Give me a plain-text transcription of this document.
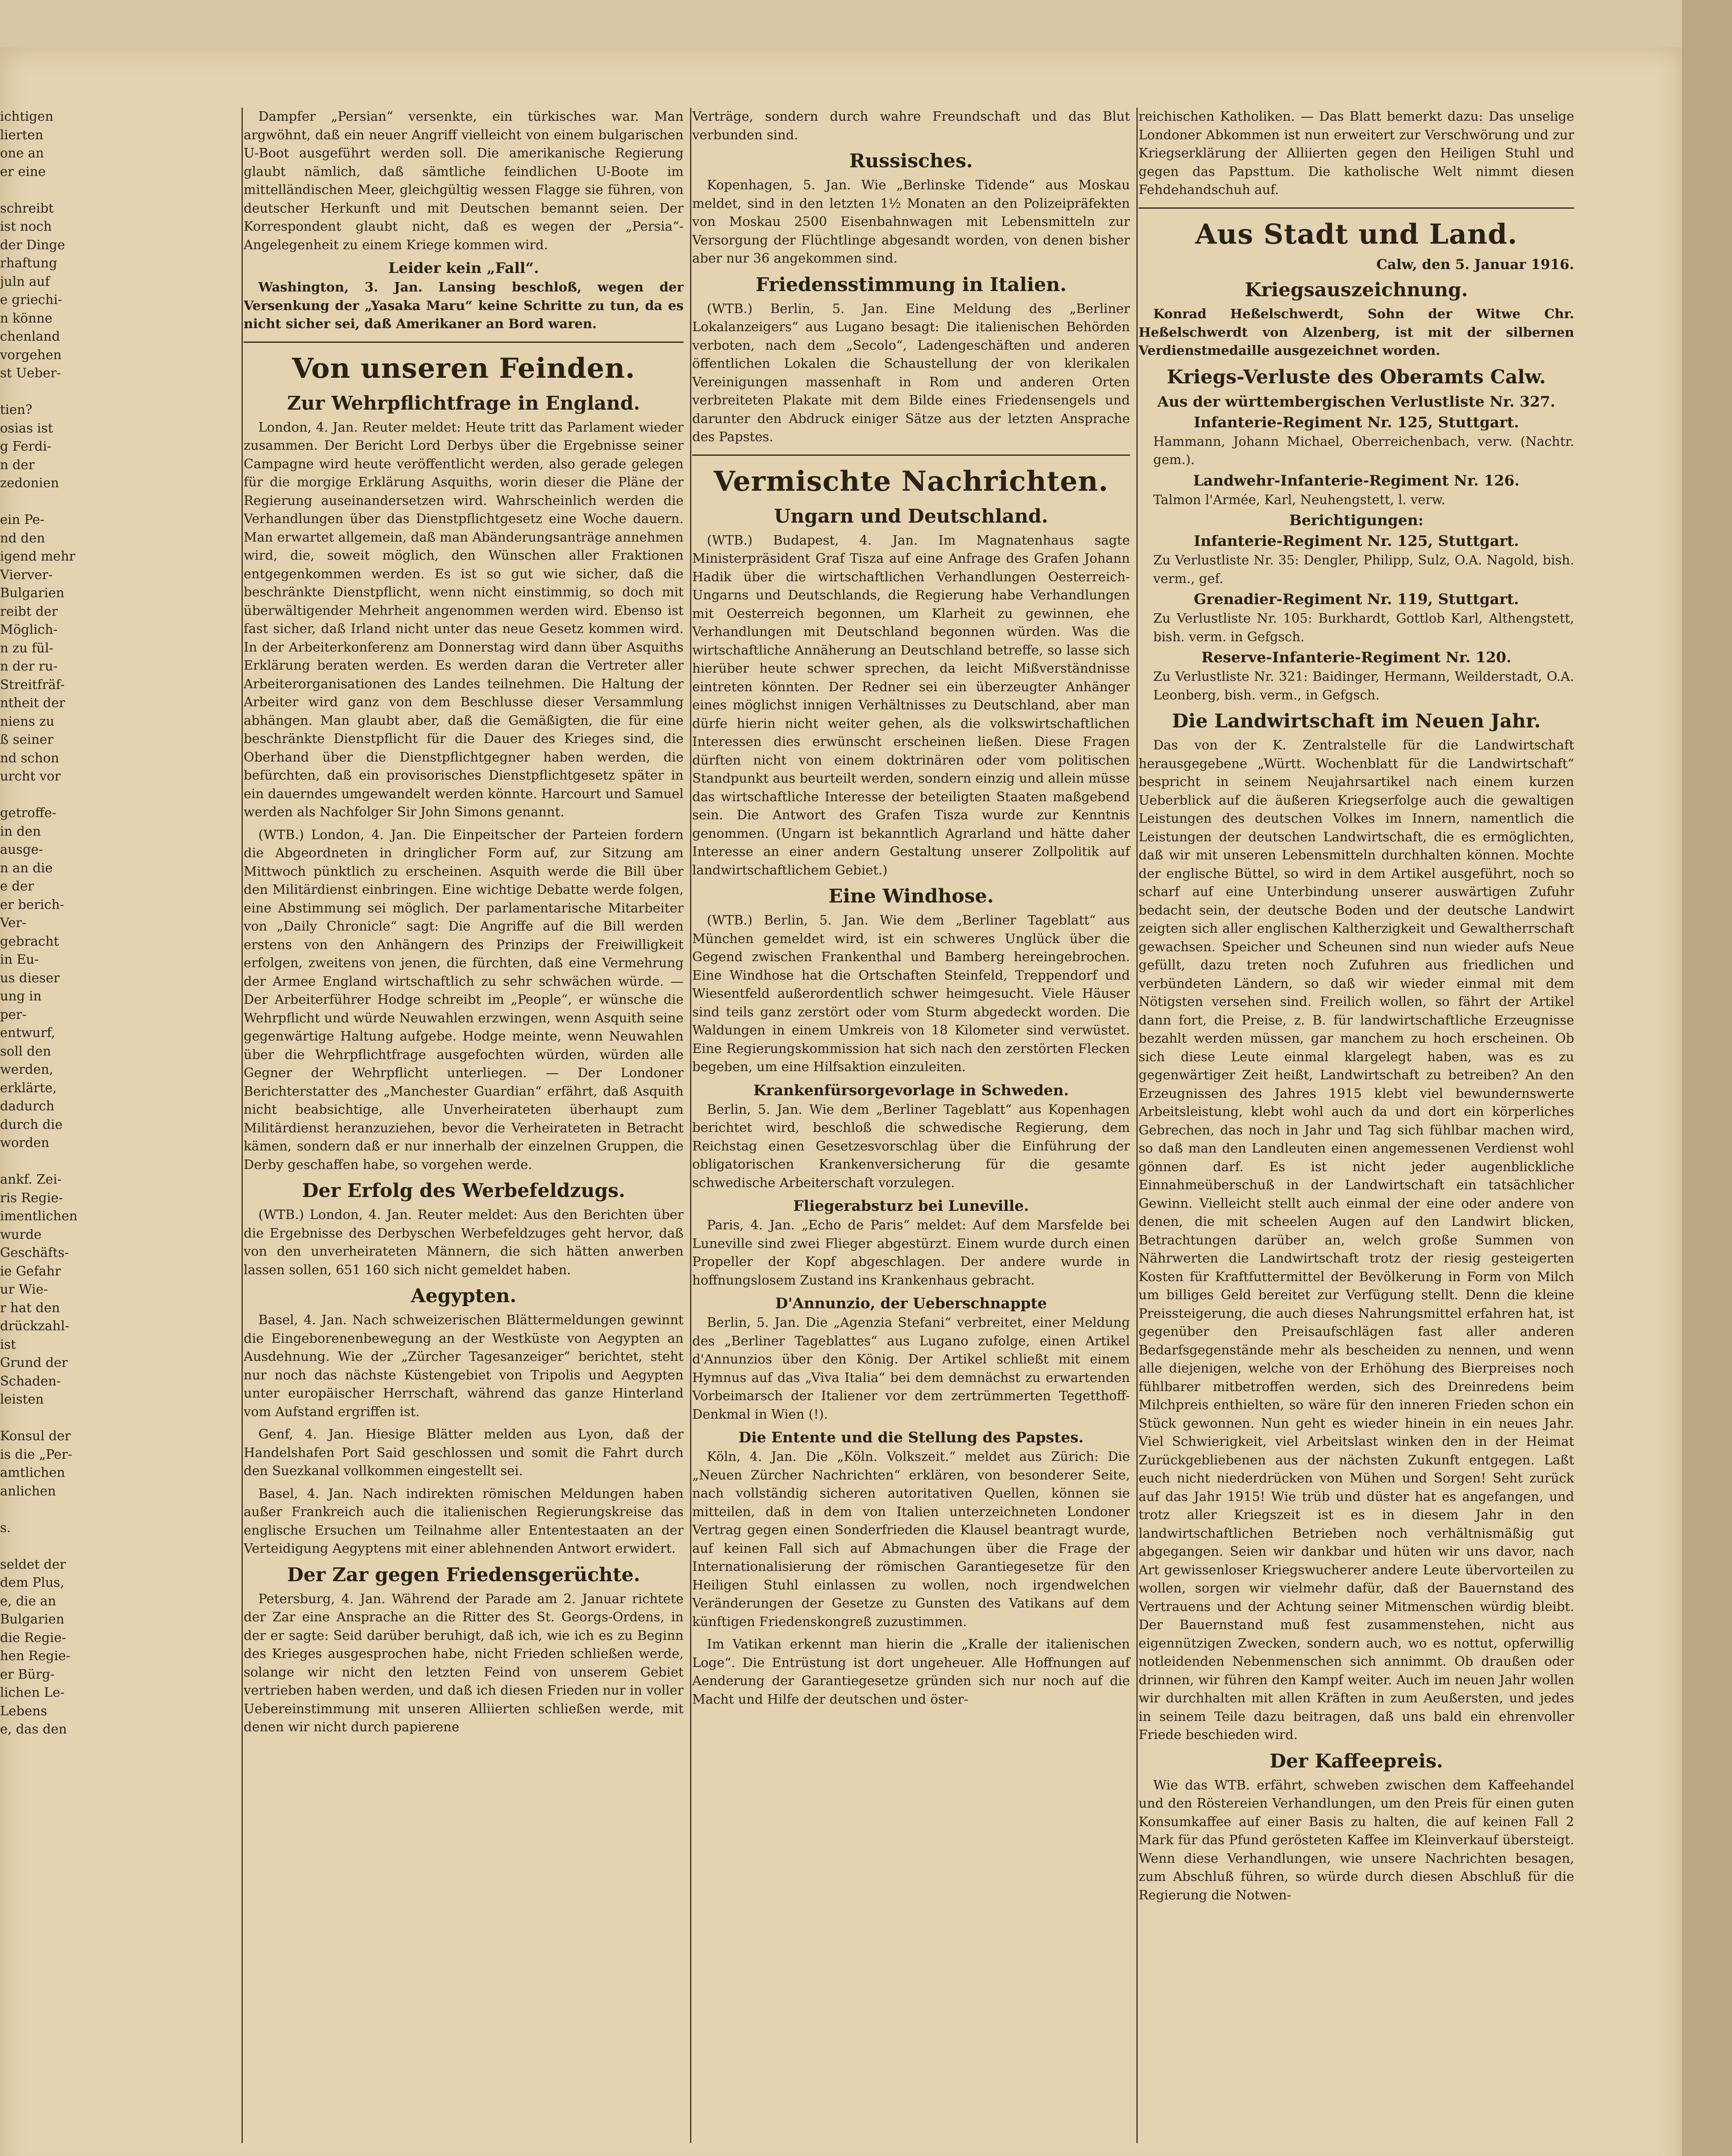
ichtigen
lierten
one an
er eine
schreibt
ist noch
der Dinge
rhaftung
juln auf
e griechi-
n könne
chenland
vorgehen
st Ueber-
tien?
osias ist
g Ferdi-
n der
zedonien
ein Pe-
nd den
igend mehr
Vierver-
Bulgarien
reibt der
Möglich-
n zu fül-
n der ru-
Streitfräf-
ntheit der
niens zu
ß seiner
nd schon
urcht vor
getroffe-
in den
ausge-
n an die
e der
er berich-
Ver-
gebracht
in Eu-
us dieser
ung in
per-
entwurf,
soll den
werden,
erklärte,
dadurch
durch die
worden
ankf. Zei-
ris Regie-
imentlichen
wurde
Geschäfts-
ie Gefahr
ur Wie-
r hat den
drückzahl-
ist
Grund der
Schaden-
leisten
Konsul der
is die „Per-
amtlichen
anlichen
s.
seldet der
dem Plus,
e, die an
Bulgarien
die Regie-
hen Regie-
er Bürg-
lichen Le-
Lebens
e, das den

Dampfer „Persian“ versenkte, ein türkisches war. Man argwöhnt, daß ein neuer Angriff vielleicht von einem bulgarischen U-Boot ausgeführt werden soll. Die amerikanische Regierung glaubt nämlich, daß sämtliche feindlichen U-Boote im mittelländischen Meer, gleichgültig wessen Flagge sie führen, von deutscher Herkunft und mit Deutschen bemannt seien. Der Korrespondent glaubt nicht, daß es wegen der „Persia“-Angelegenheit zu einem Kriege kommen wird.

Leider kein „Fall“.

Washington, 3. Jan. Lansing beschloß, wegen der Versenkung der „Yasaka Maru“ keine Schritte zu tun, da es nicht sicher sei, daß Amerikaner an Bord waren.

Von unseren Feinden.
Zur Wehrpflichtfrage in England.

London, 4. Jan. Reuter meldet: Heute tritt das Parlament wieder zusammen. Der Bericht Lord Derbys über die Ergebnisse seiner Campagne wird heute veröffentlicht werden, also gerade gelegen für die morgige Erklärung Asquiths, worin dieser die Pläne der Regierung auseinandersetzen wird. Wahrscheinlich werden die Verhandlungen über das Dienstpflichtgesetz eine Woche dauern. Man erwartet allgemein, daß man Abänderungsanträge annehmen wird, die, soweit möglich, den Wünschen aller Fraktionen entgegenkommen werden. Es ist so gut wie sicher, daß die beschränkte Dienstpflicht, wenn nicht einstimmig, so doch mit überwältigender Mehrheit angenommen werden wird. Ebenso ist fast sicher, daß Irland nicht unter das neue Gesetz kommen wird. In der Arbeiterkonferenz am Donnerstag wird dann über Asquiths Erklärung beraten werden. Es werden daran die Vertreter aller Arbeiterorganisationen des Landes teilnehmen. Die Haltung der Arbeiter wird ganz von dem Beschlusse dieser Versammlung abhängen. Man glaubt aber, daß die Gemäßigten, die für eine beschränkte Dienstpflicht für die Dauer des Krieges sind, die Oberhand über die Dienstpflichtgegner haben werden, die befürchten, daß ein provisorisches Dienstpflichtgesetz später in ein dauerndes umgewandelt werden könnte. Harcourt und Samuel werden als Nachfolger Sir John Simons genannt.

(WTB.) London, 4. Jan. Die Einpeitscher der Parteien fordern die Abgeordneten in dringlicher Form auf, zur Sitzung am Mittwoch pünktlich zu erscheinen. Asquith werde die Bill über den Militärdienst einbringen. Eine wichtige Debatte werde folgen, eine Abstimmung sei möglich. Der parlamentarische Mitarbeiter von „Daily Chronicle“ sagt: Die Angriffe auf die Bill werden erstens von den Anhängern des Prinzips der Freiwilligkeit erfolgen, zweitens von jenen, die fürchten, daß eine Vermehrung der Armee England wirtschaftlich zu sehr schwächen würde. — Der Arbeiterführer Hodge schreibt im „People“, er wünsche die Wehrpflicht und würde Neuwahlen erzwingen, wenn Asquith seine gegenwärtige Haltung aufgebe. Hodge meinte, wenn Neuwahlen über die Wehrpflichtfrage ausgefochten würden, würden alle Gegner der Wehrpflicht unterliegen. — Der Londoner Berichterstatter des „Manchester Guardian“ erfährt, daß Asquith nicht beabsichtige, alle Unverheirateten überhaupt zum Militärdienst heranzuziehen, bevor die Verheirateten in Betracht kämen, sondern daß er nur innerhalb der einzelnen Gruppen, die Derby geschaffen habe, so vorgehen werde.

Der Erfolg des Werbefeldzugs.

(WTB.) London, 4. Jan. Reuter meldet: Aus den Berichten über die Ergebnisse des Derbyschen Werbefeldzuges geht hervor, daß von den unverheirateten Männern, die sich hätten anwerben lassen sollen, 651 160 sich nicht gemeldet haben.

Aegypten.

Basel, 4. Jan. Nach schweizerischen Blättermeldungen gewinnt die Eingeborenenbewegung an der Westküste von Aegypten an Ausdehnung. Wie der „Zürcher Tagesanzeiger“ berichtet, steht nur noch das nächste Küstengebiet von Tripolis und Aegypten unter europäischer Herrschaft, während das ganze Hinterland vom Aufstand ergriffen ist.

Genf, 4. Jan. Hiesige Blätter melden aus Lyon, daß der Handelshafen Port Said geschlossen und somit die Fahrt durch den Suezkanal vollkommen eingestellt sei.

Basel, 4. Jan. Nach indirekten römischen Meldungen haben außer Frankreich auch die italienischen Regierungskreise das englische Ersuchen um Teilnahme aller Ententestaaten an der Verteidigung Aegyptens mit einer ablehnenden Antwort erwidert.

Der Zar gegen Friedensgerüchte.

Petersburg, 4. Jan. Während der Parade am 2. Januar richtete der Zar eine Ansprache an die Ritter des St. Georgs-Ordens, in der er sagte: Seid darüber beruhigt, daß ich, wie ich es zu Beginn des Krieges ausgesprochen habe, nicht Frieden schließen werde, solange wir nicht den letzten Feind von unserem Gebiet vertrieben haben werden, und daß ich diesen Frieden nur in voller Uebereinstimmung mit unseren Alliierten schließen werde, mit denen wir nicht durch papierene

Verträge, sondern durch wahre Freundschaft und das Blut verbunden sind.

Russisches.

Kopenhagen, 5. Jan. Wie „Berlinske Tidende“ aus Moskau meldet, sind in den letzten 1½ Monaten an den Polizeipräfekten von Moskau 2500 Eisenbahnwagen mit Lebensmitteln zur Versorgung der Flüchtlinge abgesandt worden, von denen bisher aber nur 36 angekommen sind.

Friedensstimmung in Italien.

(WTB.) Berlin, 5. Jan. Eine Meldung des „Berliner Lokalanzeigers“ aus Lugano besagt: Die italienischen Behörden verboten, nach dem „Secolo“, Ladengeschäften und anderen öffentlichen Lokalen die Schaustellung der von klerikalen Vereinigungen massenhaft in Rom und anderen Orten verbreiteten Plakate mit dem Bilde eines Friedensengels und darunter den Abdruck einiger Sätze aus der letzten Ansprache des Papstes.

Vermischte Nachrichten.
Ungarn und Deutschland.

(WTB.) Budapest, 4. Jan. Im Magnatenhaus sagte Ministerpräsident Graf Tisza auf eine Anfrage des Grafen Johann Hadik über die wirtschaftlichen Verhandlungen Oesterreich-Ungarns und Deutschlands, die Regierung habe Verhandlungen mit Oesterreich begonnen, um Klarheit zu gewinnen, ehe Verhandlungen mit Deutschland begonnen würden. Was die wirtschaftliche Annäherung an Deutschland betreffe, so lasse sich hierüber heute schwer sprechen, da leicht Mißverständnisse eintreten könnten. Der Redner sei ein überzeugter Anhänger eines möglichst innigen Verhältnisses zu Deutschland, aber man dürfe hierin nicht weiter gehen, als die volkswirtschaftlichen Interessen dies erwünscht erscheinen ließen. Diese Fragen dürften nicht von einem doktrinären oder vom politischen Standpunkt aus beurteilt werden, sondern einzig und allein müsse das wirtschaftliche Interesse der beteiligten Staaten maßgebend sein. Die Antwort des Grafen Tisza wurde zur Kenntnis genommen. (Ungarn ist bekanntlich Agrarland und hätte daher Interesse an einer andern Gestaltung unserer Zollpolitik auf landwirtschaftlichem Gebiet.)

Eine Windhose.

(WTB.) Berlin, 5. Jan. Wie dem „Berliner Tageblatt“ aus München gemeldet wird, ist ein schweres Unglück über die Gegend zwischen Frankenthal und Bamberg hereingebrochen. Eine Windhose hat die Ortschaften Steinfeld, Treppendorf und Wiesentfeld außerordentlich schwer heimgesucht. Viele Häuser sind teils ganz zerstört oder vom Sturm abgedeckt worden. Die Waldungen in einem Umkreis von 18 Kilometer sind verwüstet. Eine Regierungskommission hat sich nach den zerstörten Flecken begeben, um eine Hilfsaktion einzuleiten.

Krankenfürsorgevorlage in Schweden.

Berlin, 5. Jan. Wie dem „Berliner Tageblatt“ aus Kopenhagen berichtet wird, beschloß die schwedische Regierung, dem Reichstag einen Gesetzesvorschlag über die Einführung der obligatorischen Krankenversicherung für die gesamte schwedische Arbeiterschaft vorzulegen.

Fliegerabsturz bei Luneville.

Paris, 4. Jan. „Echo de Paris“ meldet: Auf dem Marsfelde bei Luneville sind zwei Flieger abgestürzt. Einem wurde durch einen Propeller der Kopf abgeschlagen. Der andere wurde in hoffnungslosem Zustand ins Krankenhaus gebracht.

D'Annunzio, der Ueberschnappte

Berlin, 5. Jan. Die „Agenzia Stefani“ verbreitet, einer Meldung des „Berliner Tageblattes“ aus Lugano zufolge, einen Artikel d'Annunzios über den König. Der Artikel schließt mit einem Hymnus auf das „Viva Italia“ bei dem demnächst zu erwartenden Vorbeimarsch der Italiener vor dem zertrümmerten Tegetthoff-Denkmal in Wien (!).

Die Entente und die Stellung des Papstes.

Köln, 4. Jan. Die „Köln. Volkszeit.“ meldet aus Zürich: Die „Neuen Zürcher Nachrichten“ erklären, von besonderer Seite, nach vollständig sicheren autoritativen Quellen, können sie mitteilen, daß in dem von Italien unterzeichneten Londoner Vertrag gegen einen Sonderfrieden die Klausel beantragt wurde, auf keinen Fall sich auf Abmachungen über die Frage der Internationalisierung der römischen Garantiegesetze für den Heiligen Stuhl einlassen zu wollen, noch irgendwelchen Veränderungen der Gesetze zu Gunsten des Vatikans auf dem künftigen Friedenskongreß zuzustimmen.

Im Vatikan erkennt man hierin die „Kralle der italienischen Loge“. Die Entrüstung ist dort ungeheuer. Alle Hoffnungen auf Aenderung der Garantiegesetze gründen sich nur noch auf die Macht und Hilfe der deutschen und öster-

reichischen Katholiken. — Das Blatt bemerkt dazu: Das unselige Londoner Abkommen ist nun erweitert zur Verschwörung und zur Kriegserklärung der Alliierten gegen den Heiligen Stuhl und gegen das Papsttum. Die katholische Welt nimmt diesen Fehdehandschuh auf.

Aus Stadt und Land.
Calw, den 5. Januar 1916.
Kriegsauszeichnung.

Konrad Heßelschwerdt, Sohn der Witwe Chr. Heßelschwerdt von Alzenberg, ist mit der silbernen Verdienstmedaille ausgezeichnet worden.

Kriegs-Verluste des Oberamts Calw.
Aus der württembergischen Verlustliste Nr. 327.
Infanterie-Regiment Nr. 125, Stuttgart.

Hammann, Johann Michael, Oberreichenbach, verw. (Nachtr. gem.).

Landwehr-Infanterie-Regiment Nr. 126.

Talmon l'Armée, Karl, Neuhengstett, l. verw.

Berichtigungen:
Infanterie-Regiment Nr. 125, Stuttgart.

Zu Verlustliste Nr. 35: Dengler, Philipp, Sulz, O.A. Nagold, bish. verm., gef.

Grenadier-Regiment Nr. 119, Stuttgart.

Zu Verlustliste Nr. 105: Burkhardt, Gottlob Karl, Althengstett, bish. verm. in Gefgsch.

Reserve-Infanterie-Regiment Nr. 120.

Zu Verlustliste Nr. 321: Baidinger, Hermann, Weilderstadt, O.A. Leonberg, bish. verm., in Gefgsch.

Die Landwirtschaft im Neuen Jahr.

Das von der K. Zentralstelle für die Landwirtschaft herausgegebene „Württ. Wochenblatt für die Landwirtschaft“ bespricht in seinem Neujahrsartikel nach einem kurzen Ueberblick auf die äußeren Kriegserfolge auch die gewaltigen Leistungen des deutschen Volkes im Innern, namentlich die Leistungen der deutschen Landwirtschaft, die es ermöglichten, daß wir mit unseren Lebensmitteln durchhalten können. Mochte der englische Büttel, so wird in dem Artikel ausgeführt, noch so scharf auf eine Unterbindung unserer auswärtigen Zufuhr bedacht sein, der deutsche Boden und der deutsche Landwirt zeigten sich aller englischen Kaltherzigkeit und Gewaltherrschaft gewachsen. Speicher und Scheunen sind nun wieder aufs Neue gefüllt, dazu treten noch Zufuhren aus friedlichen und verbündeten Ländern, so daß wir wieder einmal mit dem Nötigsten versehen sind. Freilich wollen, so fährt der Artikel dann fort, die Preise, z. B. für landwirtschaftliche Erzeugnisse bezahlt werden müssen, gar manchem zu hoch erscheinen. Ob sich diese Leute einmal klargelegt haben, was es zu gegenwärtiger Zeit heißt, Landwirtschaft zu betreiben? An den Erzeugnissen des Jahres 1915 klebt viel bewundernswerte Arbeitsleistung, klebt wohl auch da und dort ein körperliches Gebrechen, das noch in Jahr und Tag sich fühlbar machen wird, so daß man den Landleuten einen angemessenen Verdienst wohl gönnen darf. Es ist nicht jeder augenblickliche Einnahmeüberschuß in der Landwirtschaft ein tatsächlicher Gewinn. Vielleicht stellt auch einmal der eine oder andere von denen, die mit scheelen Augen auf den Landwirt blicken, Betrachtungen darüber an, welch große Summen von Nährwerten die Landwirtschaft trotz der riesig gesteigerten Kosten für Kraftfuttermittel der Bevölkerung in Form von Milch um billiges Geld bereitet zur Verfügung stellt. Denn die kleine Preissteigerung, die auch dieses Nahrungsmittel erfahren hat, ist gegenüber den Preisaufschlägen fast aller anderen Bedarfsgegenstände mehr als bescheiden zu nennen, und wenn alle diejenigen, welche von der Erhöhung des Bierpreises noch fühlbarer mitbetroffen werden, sich des Dreinredens beim Milchpreis enthielten, so wäre für den inneren Frieden schon ein Stück gewonnen. Nun geht es wieder hinein in ein neues Jahr. Viel Schwierigkeit, viel Arbeitslast winken den in der Heimat Zurückgebliebenen aus der nächsten Zukunft entgegen. Laßt euch nicht niederdrücken von Mühen und Sorgen! Seht zurück auf das Jahr 1915! Wie trüb und düster hat es angefangen, und trotz aller Kriegszeit ist es in diesem Jahr in den landwirtschaftlichen Betrieben noch verhältnismäßig gut abgegangen. Seien wir dankbar und hüten wir uns davor, nach Art gewissenloser Kriegswucherer andere Leute übervorteilen zu wollen, sorgen wir vielmehr dafür, daß der Bauernstand des Vertrauens und der Achtung seiner Mitmenschen würdig bleibt. Der Bauernstand muß fest zusammenstehen, nicht aus eigennützigen Zwecken, sondern auch, wo es nottut, opferwillig notleidenden Nebenmenschen sich annimmt. Ob draußen oder drinnen, wir führen den Kampf weiter. Auch im neuen Jahr wollen wir durchhalten mit allen Kräften in zum Aeußersten, und jedes in seinem Teile dazu beitragen, daß uns bald ein ehrenvoller Friede beschieden wird.

Der Kaffeepreis.

Wie das WTB. erfährt, schweben zwischen dem Kaffeehandel und den Röstereien Verhandlungen, um den Preis für einen guten Konsumkaffee auf einer Basis zu halten, die auf keinen Fall 2 Mark für das Pfund gerösteten Kaffee im Kleinverkauf übersteigt. Wenn diese Verhandlungen, wie unsere Nachrichten besagen, zum Abschluß führen, so würde durch diesen Abschluß für die Regierung die Notwen-
